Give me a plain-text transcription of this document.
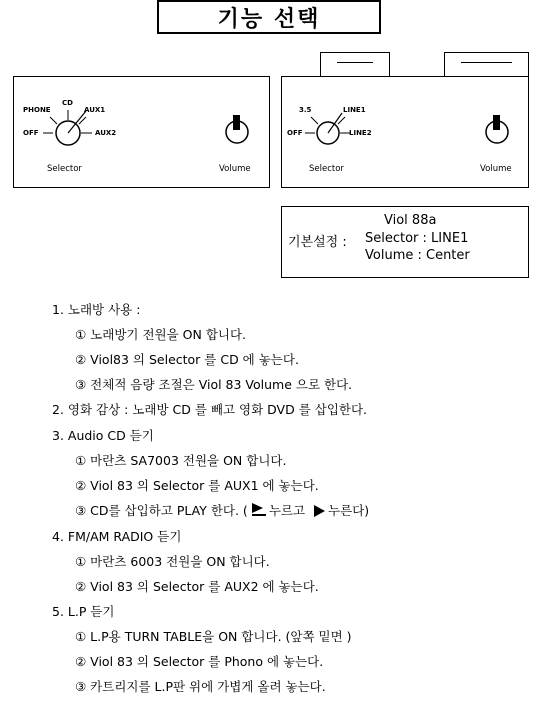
기능 선택
PHONE
CD
AUX1
OFF	AUX2
Selector	Volume
3.5	LINE1
OFF	LINE2
Selector	Volume
Viol 88a
기본설정 : Selector : LINE1
Volume : Center
1. 노래방 사용 :
① 노래방기 전원을 ON 합니다.
② Viol83 의 Selector 를 CD 에 놓는다.
③ 전체적 음량 조절은 Viol 83 Volume 으로 한다.
2. 영화 감상 : 노래방 CD 를 빼고 영화 DVD 를 삽입한다.
3. Audio CD 듣기
① 마란츠 SA7003 전원을 ON 합니다.
② Viol 83 의 Selector 를 AUX1 에 놓는다.
③ CD를 삽입하고 PLAY 한다. ( 누르고 누른다)
4. FM/AM RADIO 듣기
① 마란츠 6003 전원을 ON 합니다.
② Viol 83 의 Selector 를 AUX2 에 놓는다.
5. L.P 듣기
① L.P용 TURN TABLE을 ON 합니다. (앞쪽 밑면 )
② Viol 83 의 Selector 를 Phono 에 놓는다.
③ 카트리지를 L.P판 위에 가볍게 올려 놓는다.
